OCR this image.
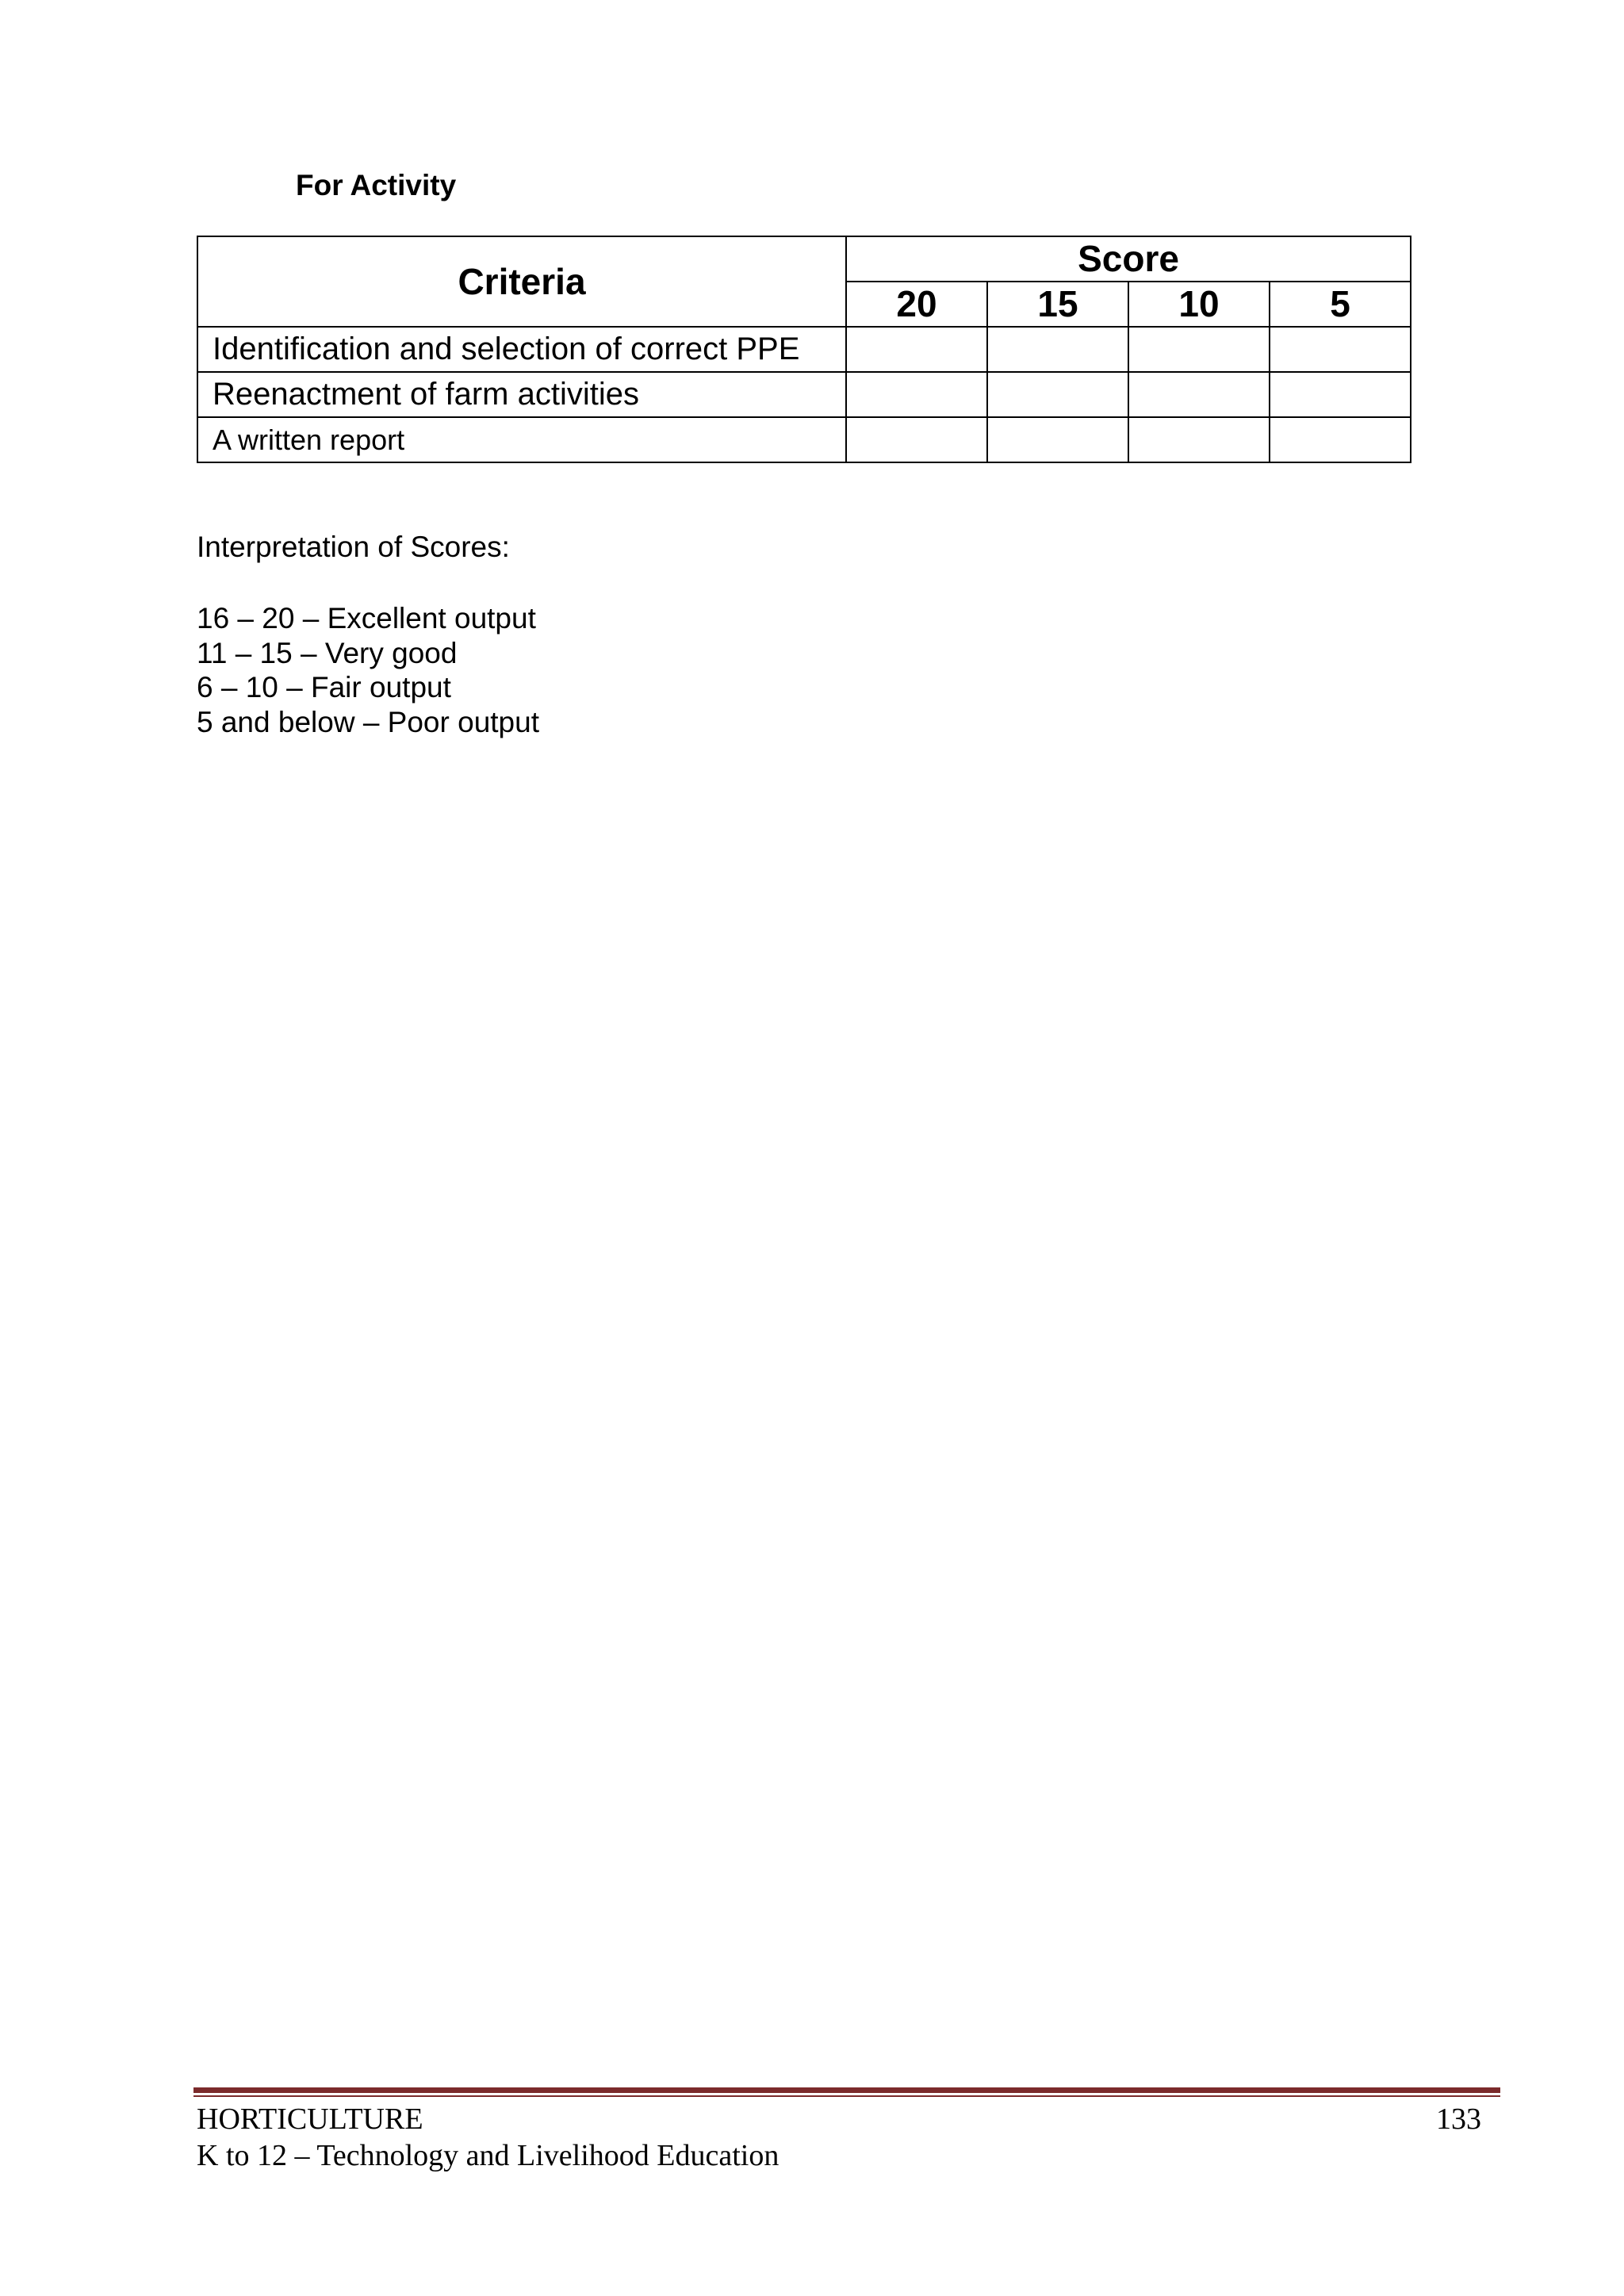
For Activity

Criteria	Score			
	20	15	10	5
Identification and selection of correct PPE				
Reenactment of farm activities				
A written report				

Interpretation of Scores:

16 – 20 – Excellent output
11 – 15 – Very good
6 – 10 – Fair output
5 and below – Poor output

HORTICULTURE

K to 12 – Technology and Livelihood Education

133
